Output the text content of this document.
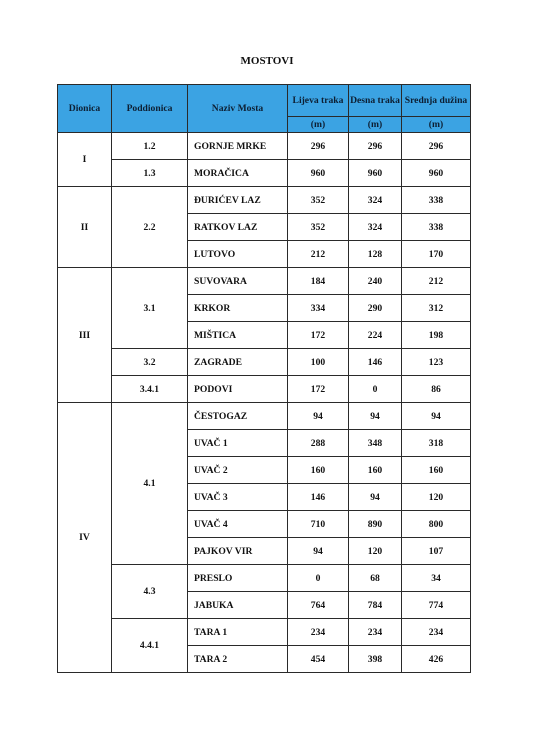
MOSTOVI
Dionica	Poddionica	Naziv Mosta	Lijeva traka	Desna traka	Srednja dužina
			(m)	(m)	(m)
I	1.2	GORNJE MRKE	296	296	296
	1.3	MORAČICA	960	960	960
II	2.2	ĐURIĆEV LAZ	352	324	338
		RATKOV LAZ	352	324	338
		LUTOVO	212	128	170
III	3.1	SUVOVARA	184	240	212
		KRKOR	334	290	312
		MIŠTICA	172	224	198
	3.2	ZAGRADE	100	146	123
	3.4.1	PODOVI	172	0	86
IV	4.1	ČESTOGAZ	94	94	94
		UVAČ 1	288	348	318
		UVAČ 2	160	160	160
		UVAČ 3	146	94	120
		UVAČ 4	710	890	800
		PAJKOV VIR	94	120	107
	4.3	PRESLO	0	68	34
		JABUKA	764	784	774
	4.4.1	TARA 1	234	234	234
		TARA 2	454	398	426
